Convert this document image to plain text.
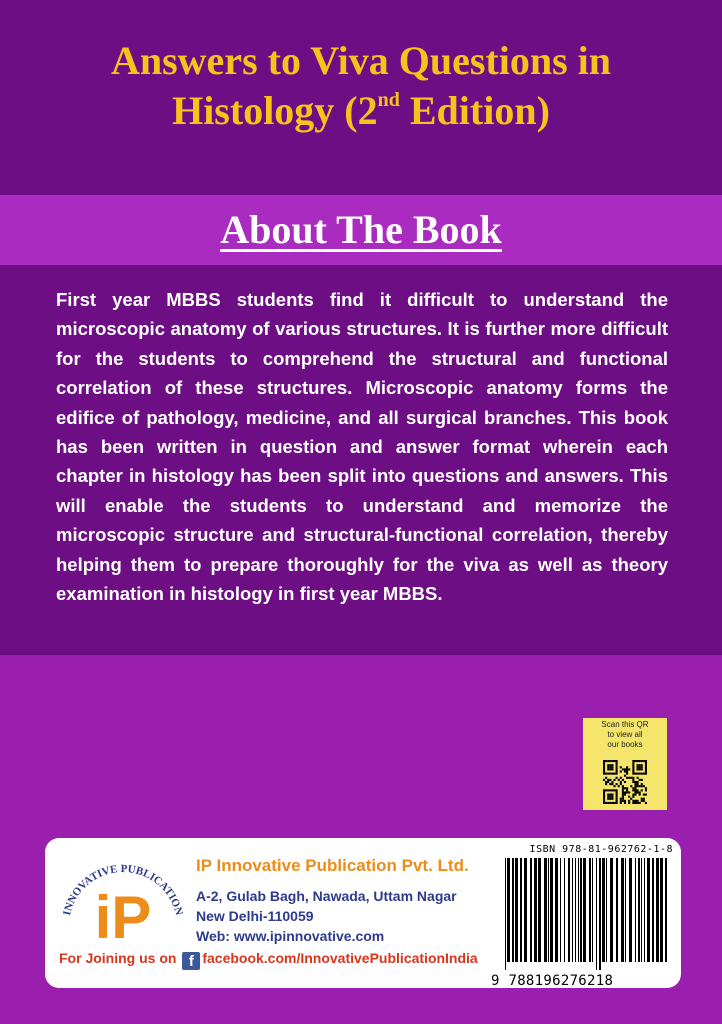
Answers to Viva Questions in
Histology (2nd Edition)
About The Book

First year MBBS students find it difficult to understand the microscopic anatomy of various structures. It is further more difficult for the students to comprehend the structural and functional correlation of these structures. Microscopic anatomy forms the edifice of pathology, medicine, and all surgical branches. This book has been written in question and answer format wherein each chapter in histology has been split into questions and answers. This will enable the students to understand and memorize the microscopic structure and structural-functional correlation, thereby helping them to prepare thoroughly for the viva as well as theory examination in histology in first year MBBS.

Scan this QR
to view all
our books
INNOVATIVE PUBLICATION
iP
IP Innovative Publication Pvt. Ltd.
A-2, Gulab Bagh, Nawada, Uttam Nagar
New Delhi-110059
Web: www.ipinnovative.com
For Joining us on f facebook.com/InnovativePublicationIndia
ISBN 978-81-962762-1-8
9 788196276218
